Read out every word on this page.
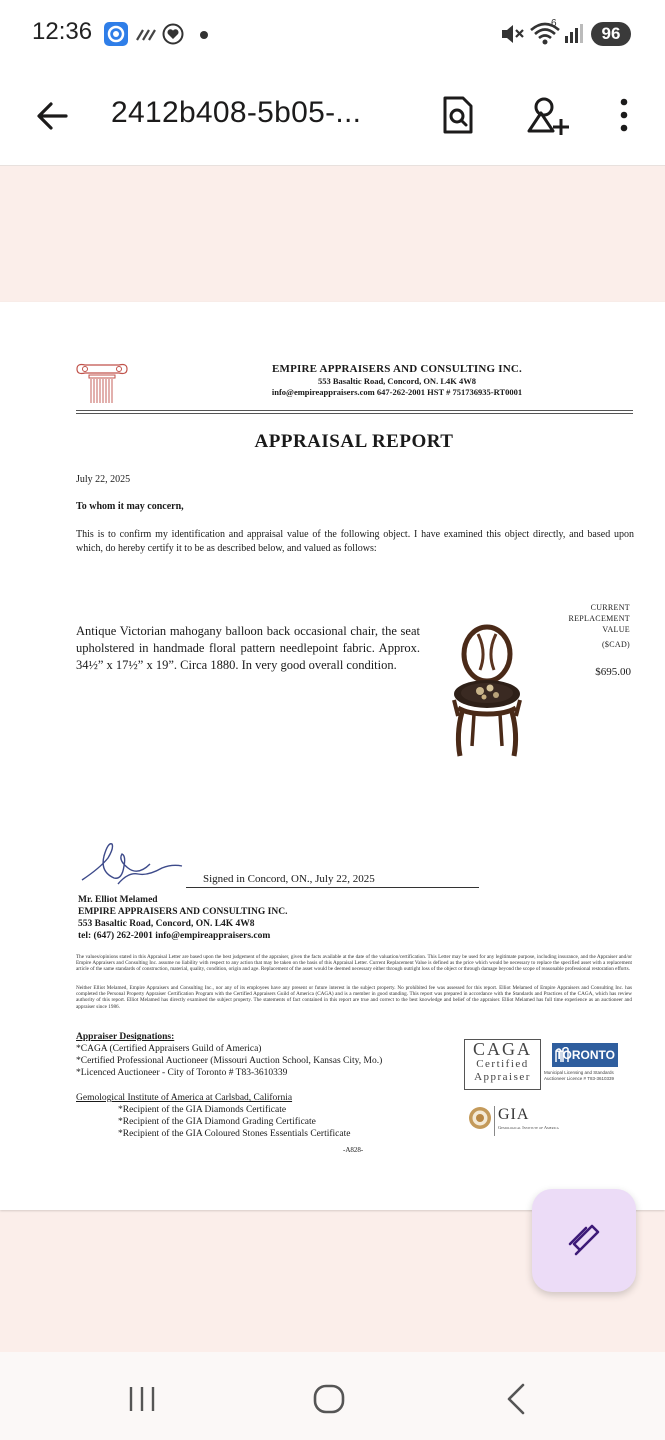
12:36	6
96
2412b408-5b05-...
EMPIRE APPRAISERS AND CONSULTING INC.
553 Basaltic Road, Concord, ON. L4K 4W8
info@empireappraisers.com 647-262-2001 HST # 751736935-RT0001
APPRAISAL REPORT
July 22, 2025
To whom it may concern,
This is to confirm my identification and appraisal value of the following object. I have examined this object directly, and based upon which, do hereby certify it to be as described below, and valued as follows:
CURRENT
REPLACEMENT
VALUE
($CAD)
Antique Victorian mahogany balloon back occasional chair, the seat upholstered in handmade floral pattern needlepoint fabric. Approx. 34½” x 17½” x 19”. Circa 1880. In very good overall condition.	$695.00
Signed in Concord, ON., July 22, 2025
Mr. Elliot Melamed
EMPIRE APPRAISERS AND CONSULTING INC.
553 Basaltic Road, Concord, ON. L4K 4W8
tel: (647) 262-2001 info@empireappraisers.com
The values/opinions stated in this Appraisal Letter are based upon the best judgement of the appraiser, given the facts available at the date of the valuation/certification. This Letter may be used for any legitimate purpose, including insurance, and the Appraiser and/or Empire Appraisers and Consulting Inc. assume no liability with respect to any action that may be taken on the basis of this Appraisal Letter. Current Replacement Value is defined as the price which would be necessary to replace the specified asset with a replacement article of the same standards of construction, material, quality, condition, origin and age. Replacement of the asset would be deemed necessary either through outright loss of the object or through damage beyond the scope of reasonable professional restoration efforts.
Neither Elliot Melamed, Empire Appraisers and Consulting Inc., nor any of its employees have any present or future interest in the subject property. No prohibited fee was assessed for this report. Elliot Melamed of Empire Appraisers and Consulting Inc. has completed the Personal Property Appraiser Certification Program with the Certified Appraisers Guild of America (CAGA) and is a member in good standing. This report was prepared in accordance with the Standards and Practices of the CAGA, which has review authority of this report. Elliot Melamed has directly examined the subject property. The statements of fact contained in this report are true and correct to the best knowledge and belief of the appraiser. Elliot Melamed has full time experience as an auctioneer and appraiser since 1986.
Appraiser Designations:
*CAGA (Certified Appraisers Guild of America)
*Certified Professional Auctioneer (Missouri Auction School, Kansas City, Mo.)
*Licenced Auctioneer - City of Toronto # T83-3610339
Gemological Institute of America at Carlsbad, California
*Recipient of the GIA Diamonds Certificate
*Recipient of the GIA Diamond Grading Certificate
*Recipient of the GIA Coloured Stones Essentials Certificate
-A828-
CAGA
Certified
Appraiser
TORONTO
Municipal Licensing and Standards
Auctioneer Licence # T83-3610339
GIA
Gemological Institute of America
